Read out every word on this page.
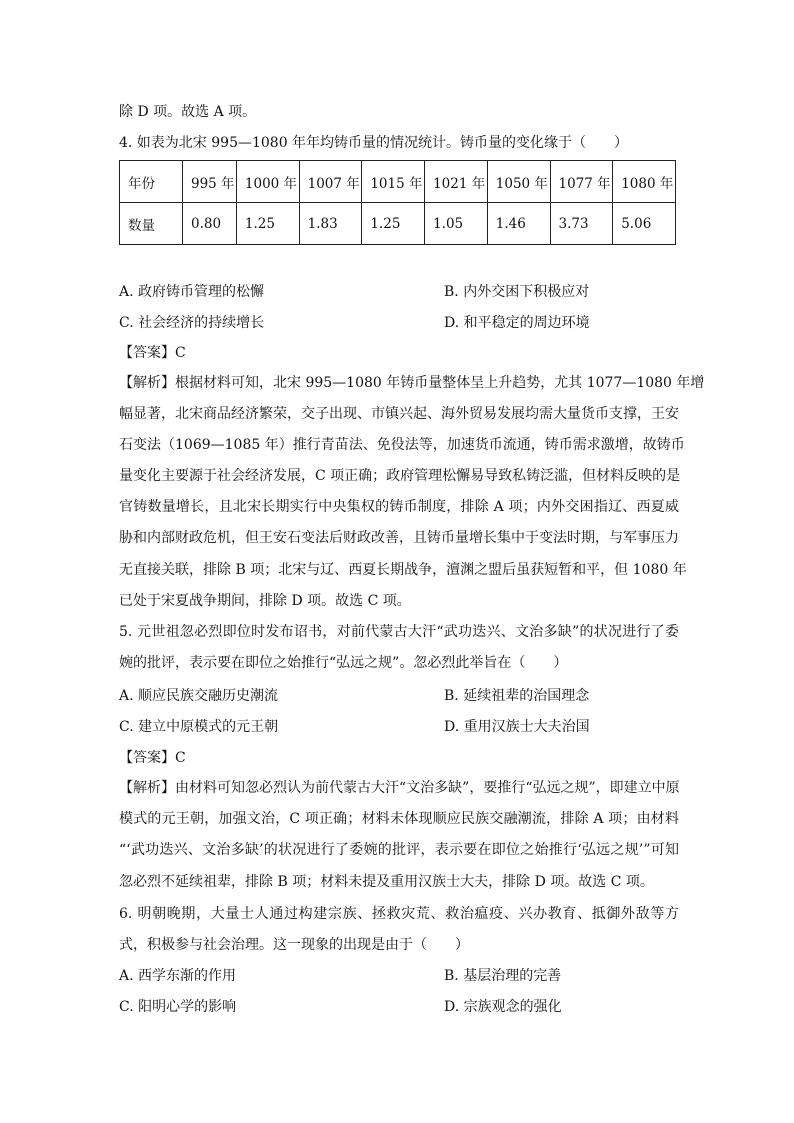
除 D 项。故选 A 项。
4. 如表为北宋 995—1080 年年均铸币量的情况统计。铸币量的变化缘于（　　）
年份	995 年	1000 年	1007 年	1015 年	1021 年	1050 年	1077 年	1080 年
数量	0.80	1.25	1.83	1.25	1.05	1.46	3.73	5.06
A. 政府铸币管理的松懈	B. 内外交困下积极应对
C. 社会经济的持续增长	D. 和平稳定的周边环境
【答案】C
【解析】根据材料可知，北宋 995—1080 年铸币量整体呈上升趋势，尤其 1077—1080 年增
幅显著，北宋商品经济繁荣，交子出现、市镇兴起、海外贸易发展均需大量货币支撑，王安
石变法（1069—1085 年）推行青苗法、免役法等，加速货币流通，铸币需求激增，故铸币
量变化主要源于社会经济发展，C 项正确；政府管理松懈易导致私铸泛滥，但材料反映的是
官铸数量增长，且北宋长期实行中央集权的铸币制度，排除 A 项；内外交困指辽、西夏威
胁和内部财政危机，但王安石变法后财政改善，且铸币量增长集中于变法时期，与军事压力
无直接关联，排除 B 项；北宋与辽、西夏长期战争，澶渊之盟后虽获短暂和平，但 1080 年
已处于宋夏战争期间，排除 D 项。故选 C 项。
5. 元世祖忽必烈即位时发布诏书，对前代蒙古大汗“武功迭兴、文治多缺”的状况进行了委
婉的批评，表示要在即位之始推行“弘远之规”。忽必烈此举旨在（　　）
A. 顺应民族交融历史潮流	B. 延续祖辈的治国理念
C. 建立中原模式的元王朝	D. 重用汉族士大夫治国
【答案】C
【解析】由材料可知忽必烈认为前代蒙古大汗“文治多缺”，要推行“弘远之规”，即建立中原
模式的元王朝，加强文治，C 项正确；材料未体现顺应民族交融潮流，排除 A 项；由材料
“‘武功迭兴、文治多缺’的状况进行了委婉的批评，表示要在即位之始推行‘弘远之规’”可知
忽必烈不延续祖辈，排除 B 项；材料未提及重用汉族士大夫，排除 D 项。故选 C 项。
6. 明朝晚期，大量士人通过构建宗族、拯救灾荒、救治瘟疫、兴办教育、抵御外敌等方
式，积极参与社会治理。这一现象的出现是由于（　　）
A. 西学东渐的作用	B. 基层治理的完善
C. 阳明心学的影响	D. 宗族观念的强化
